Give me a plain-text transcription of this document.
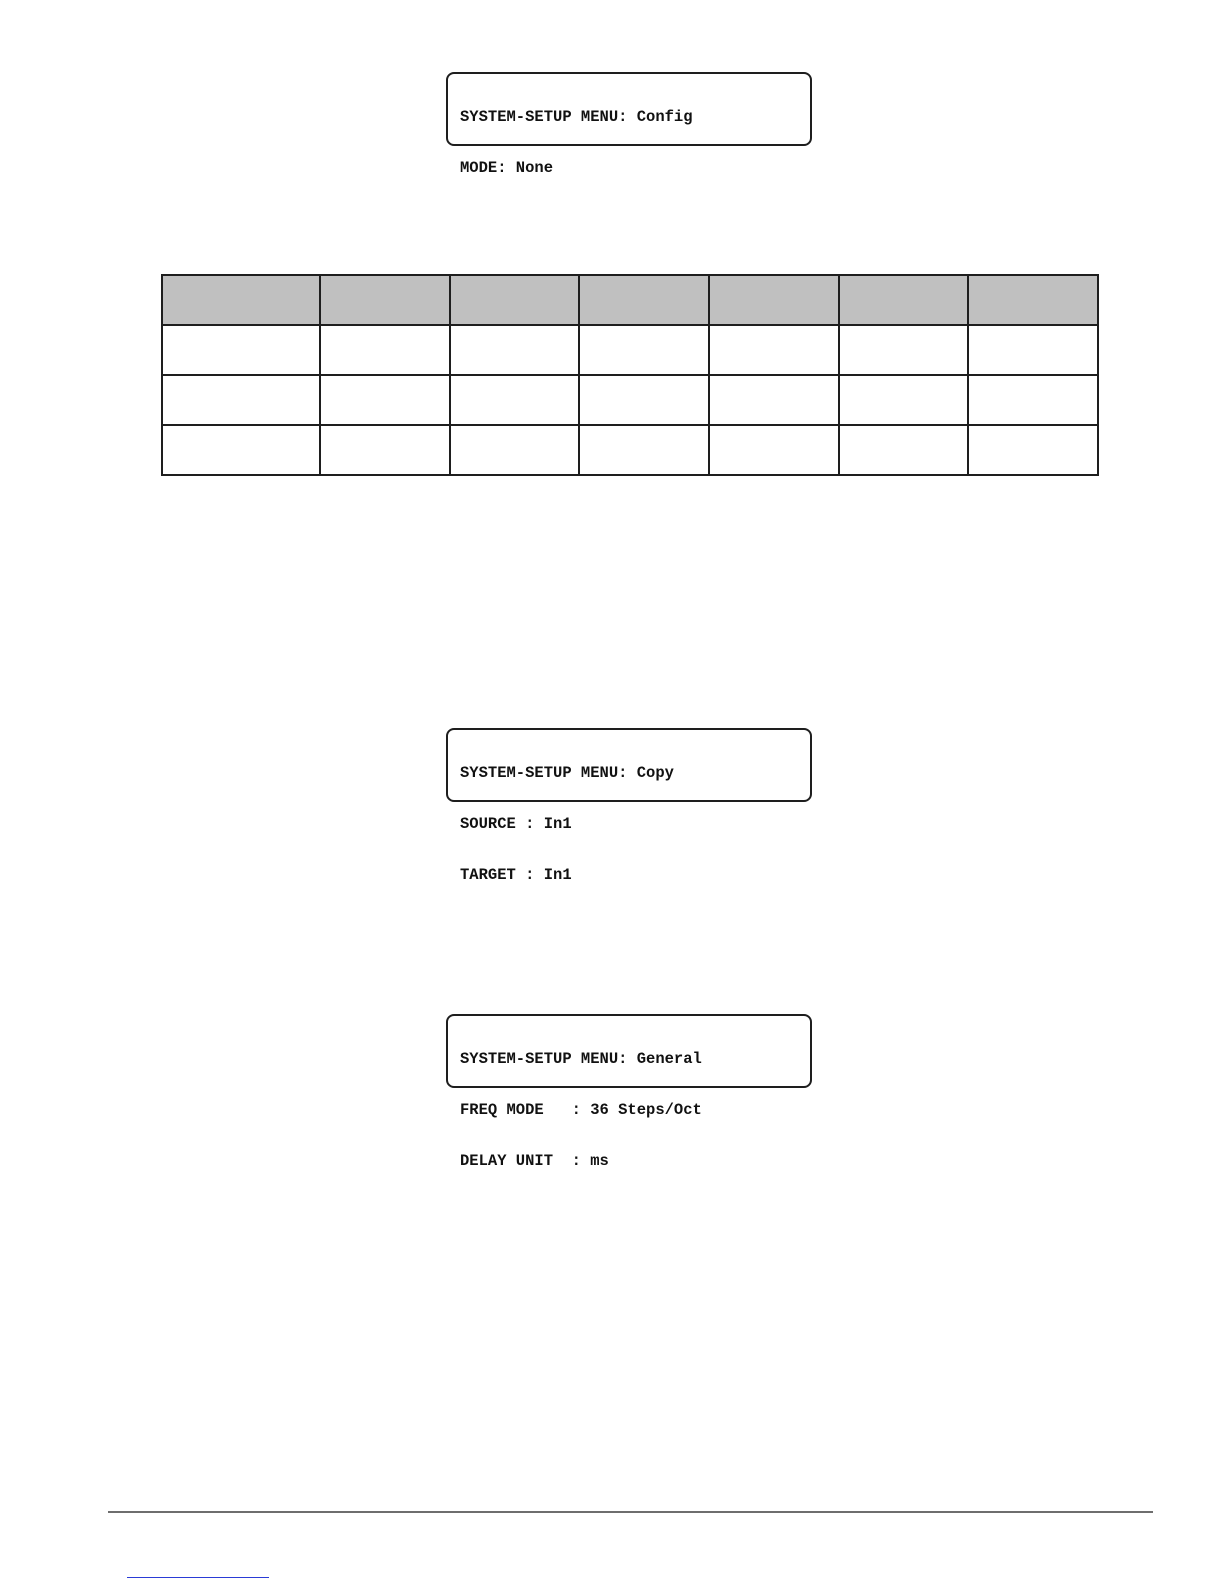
SYSTEM-SETUP MENU: Config

MODE: None

SYSTEM-SETUP MENU: Copy

SOURCE : In1

TARGET : In1

SYSTEM-SETUP MENU: General

FREQ MODE   : 36 Steps/Oct

DELAY UNIT  : ms
